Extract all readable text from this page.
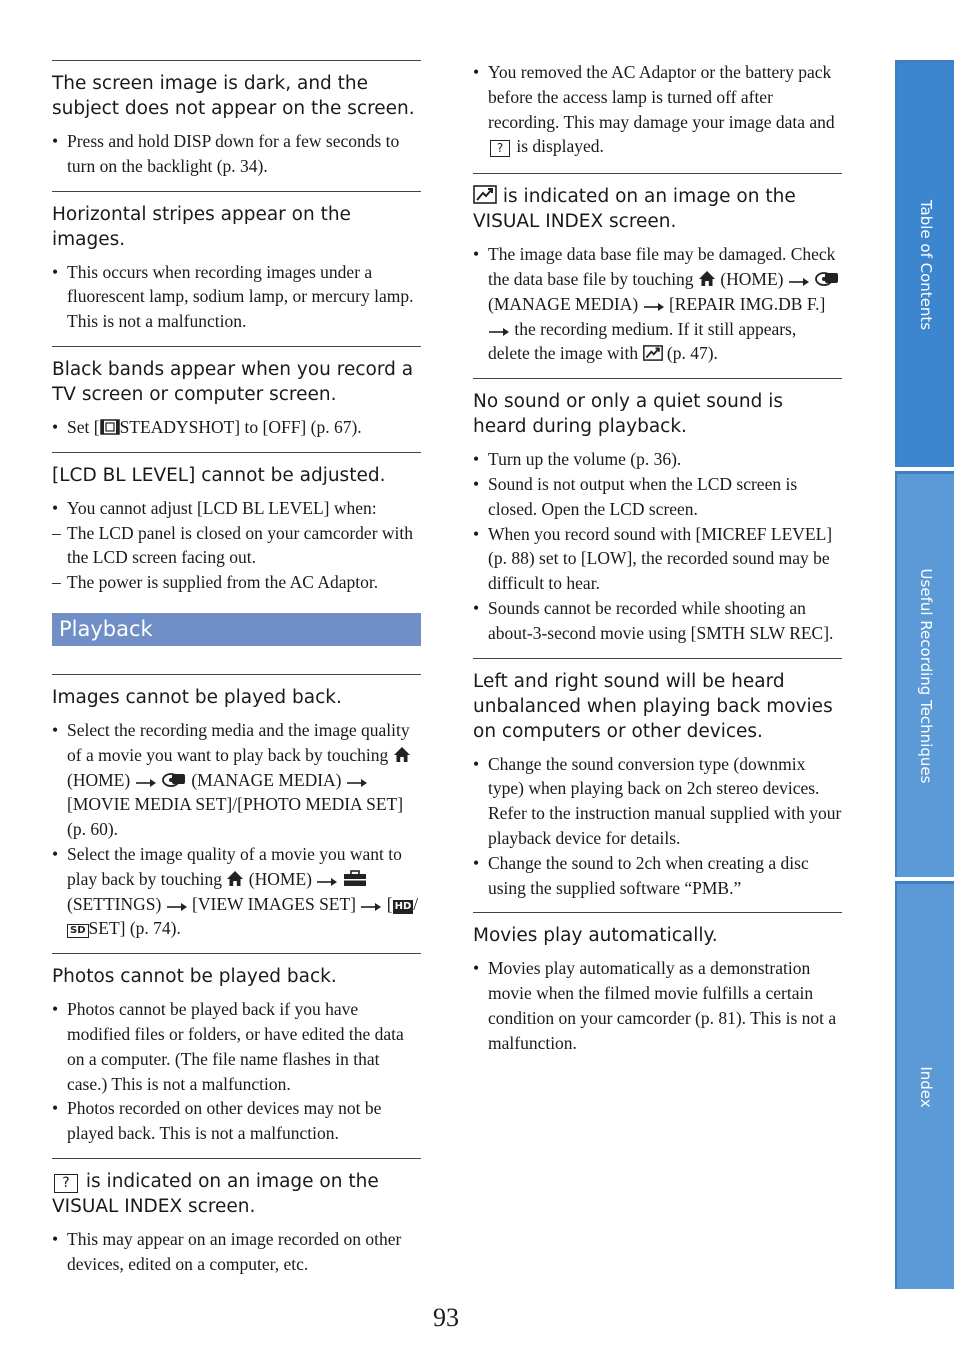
The screen image is dark, and the subject does not appear on the screen.
• Press and hold DISP down for a few seconds to turn on the backlight (p. 34).
Horizontal stripes appear on the images.
• This occurs when recording images under a fluorescent lamp, sodium lamp, or mercury lamp. This is not a malfunction.
Black bands appear when you record a TV screen or computer screen.
• Set [ STEADYSHOT] to [OFF] (p. 67).
[LCD BL LEVEL] cannot be adjusted.
• You cannot adjust [LCD BL LEVEL] when:
– The LCD panel is closed on your camcorder with the LCD screen facing out.
– The power is supplied from the AC Adaptor.
Playback
Images cannot be played back.
• Select the recording media and the image quality of a movie you want to play back by touching  (HOME)	(MANAGE MEDIA)  [MOVIE MEDIA SET]/[PHOTO MEDIA SET] (p. 60).
• Select the image quality of a movie you want to play back by touching (HOME)   (SETTINGS) [VIEW IMAGES SET] [ HD /SD SET] (p. 74).
Photos cannot be played back.
• Photos cannot be played back if you have modified files or folders, or have edited the data on a computer. (The file name flashes in that case.) This is not a malfunction.
• Photos recorded on other devices may not be played back. This is not a malfunction.
? is indicated on an image on the VISUAL INDEX screen.
• This may appear on an image recorded on other devices, edited on a computer, etc.
• You removed the AC Adaptor or the battery pack before the access lamp is turned off after recording. This may damage your image data and ? is displayed.
is indicated on an image on the VISUAL INDEX screen.
• The image data base file may be damaged. Check the data base file by touching (HOME)   (MANAGE MEDIA) [REPAIR IMG.DB F.]  the recording medium. If it still appears, delete the image with (p. 47).
No sound or only a quiet sound is heard during playback.
• Turn up the volume (p. 36).
• Sound is not output when the LCD screen is closed. Open the LCD screen.
• When you record sound with [MICREF LEVEL] (p. 88) set to [LOW], the recorded sound may be difficult to hear.
• Sounds cannot be recorded while shooting an about-3-second movie using [SMTH SLW REC].
Left and right sound will be heard unbalanced when playing back movies on computers or other devices.
• Change the sound conversion type (downmix type) when playing back on 2ch stereo devices. Refer to the instruction manual supplied with your playback device for details.
• Change the sound to 2ch when creating a disc using the supplied software “PMB.”
Movies play automatically.
• Movies play automatically as a demonstration movie when the filmed movie fulfills a certain condition on your camcorder (p. 81). This is not a malfunction.
Table of Contents
Useful Recording Techniques
Index
93
